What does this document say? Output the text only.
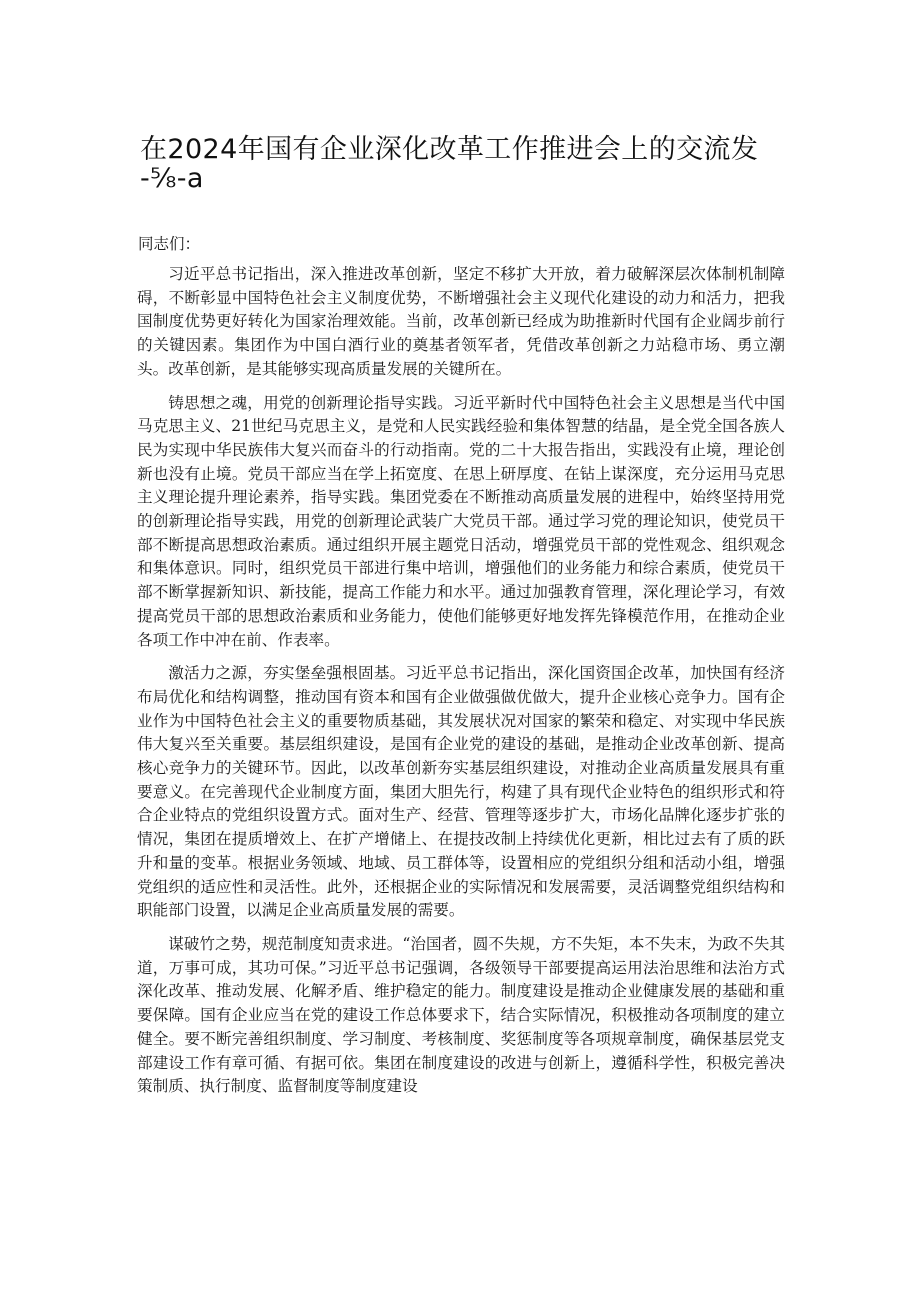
在2024年国有企业深化改革工作推进会上的交流发
-⅝-a
同志们：

习近平总书记指出，深入推进改革创新，坚定不移扩大开放，着力破解深层次体制机制障碍，不断彰显中国特色社会主义制度优势，不断增强社会主义现代化建设的动力和活力，把我国制度优势更好转化为国家治理效能。当前，改革创新已经成为助推新时代国有企业阔步前行的关键因素。集团作为中国白酒行业的奠基者领军者，凭借改革创新之力站稳市场、勇立潮头。改革创新，是其能够实现高质量发展的关键所在。

铸思想之魂，用党的创新理论指导实践。习近平新时代中国特色社会主义思想是当代中国马克思主义、21世纪马克思主义，是党和人民实践经验和集体智慧的结晶，是全党全国各族人民为实现中华民族伟大复兴而奋斗的行动指南。党的二十大报告指出，实践没有止境，理论创新也没有止境。党员干部应当在学上拓宽度、在思上研厚度、在钻上谋深度，充分运用马克思主义理论提升理论素养，指导实践。集团党委在不断推动高质量发展的进程中，始终坚持用党的创新理论指导实践，用党的创新理论武装广大党员干部。通过学习党的理论知识，使党员干部不断提高思想政治素质。通过组织开展主题党日活动，增强党员干部的党性观念、组织观念和集体意识。同时，组织党员干部进行集中培训，增强他们的业务能力和综合素质，使党员干部不断掌握新知识、新技能，提高工作能力和水平。通过加强教育管理，深化理论学习，有效提高党员干部的思想政治素质和业务能力，使他们能够更好地发挥先锋模范作用，在推动企业各项工作中冲在前、作表率。

激活力之源，夯实堡垒强根固基。习近平总书记指出，深化国资国企改革，加快国有经济布局优化和结构调整，推动国有资本和国有企业做强做优做大，提升企业核心竞争力。国有企业作为中国特色社会主义的重要物质基础，其发展状况对国家的繁荣和稳定、对实现中华民族伟大复兴至关重要。基层组织建设，是国有企业党的建设的基础，是推动企业改革创新、提高核心竞争力的关键环节。因此，以改革创新夯实基层组织建设，对推动企业高质量发展具有重要意义。在完善现代企业制度方面，集团大胆先行，构建了具有现代企业特色的组织形式和符合企业特点的党组织设置方式。面对生产、经营、管理等逐步扩大，市场化品牌化逐步扩张的情况，集团在提质增效上、在扩产增储上、在提技改制上持续优化更新，相比过去有了质的跃升和量的变革。根据业务领域、地域、员工群体等，设置相应的党组织分组和活动小组，增强党组织的适应性和灵活性。此外，还根据企业的实际情况和发展需要，灵活调整党组织结构和职能部门设置，以满足企业高质量发展的需要。

谋破竹之势，规范制度知责求进。“治国者，圆不失规，方不失矩，本不失末，为政不失其道，万事可成，其功可保。”习近平总书记强调，各级领导干部要提高运用法治思维和法治方式深化改革、推动发展、化解矛盾、维护稳定的能力。制度建设是推动企业健康发展的基础和重要保障。国有企业应当在党的建设工作总体要求下，结合实际情况，积极推动各项制度的建立健全。要不断完善组织制度、学习制度、考核制度、奖惩制度等各项规章制度，确保基层党支部建设工作有章可循、有据可依。集团在制度建设的改进与创新上，遵循科学性，积极完善决策制质、执行制度、监督制度等制度建设
